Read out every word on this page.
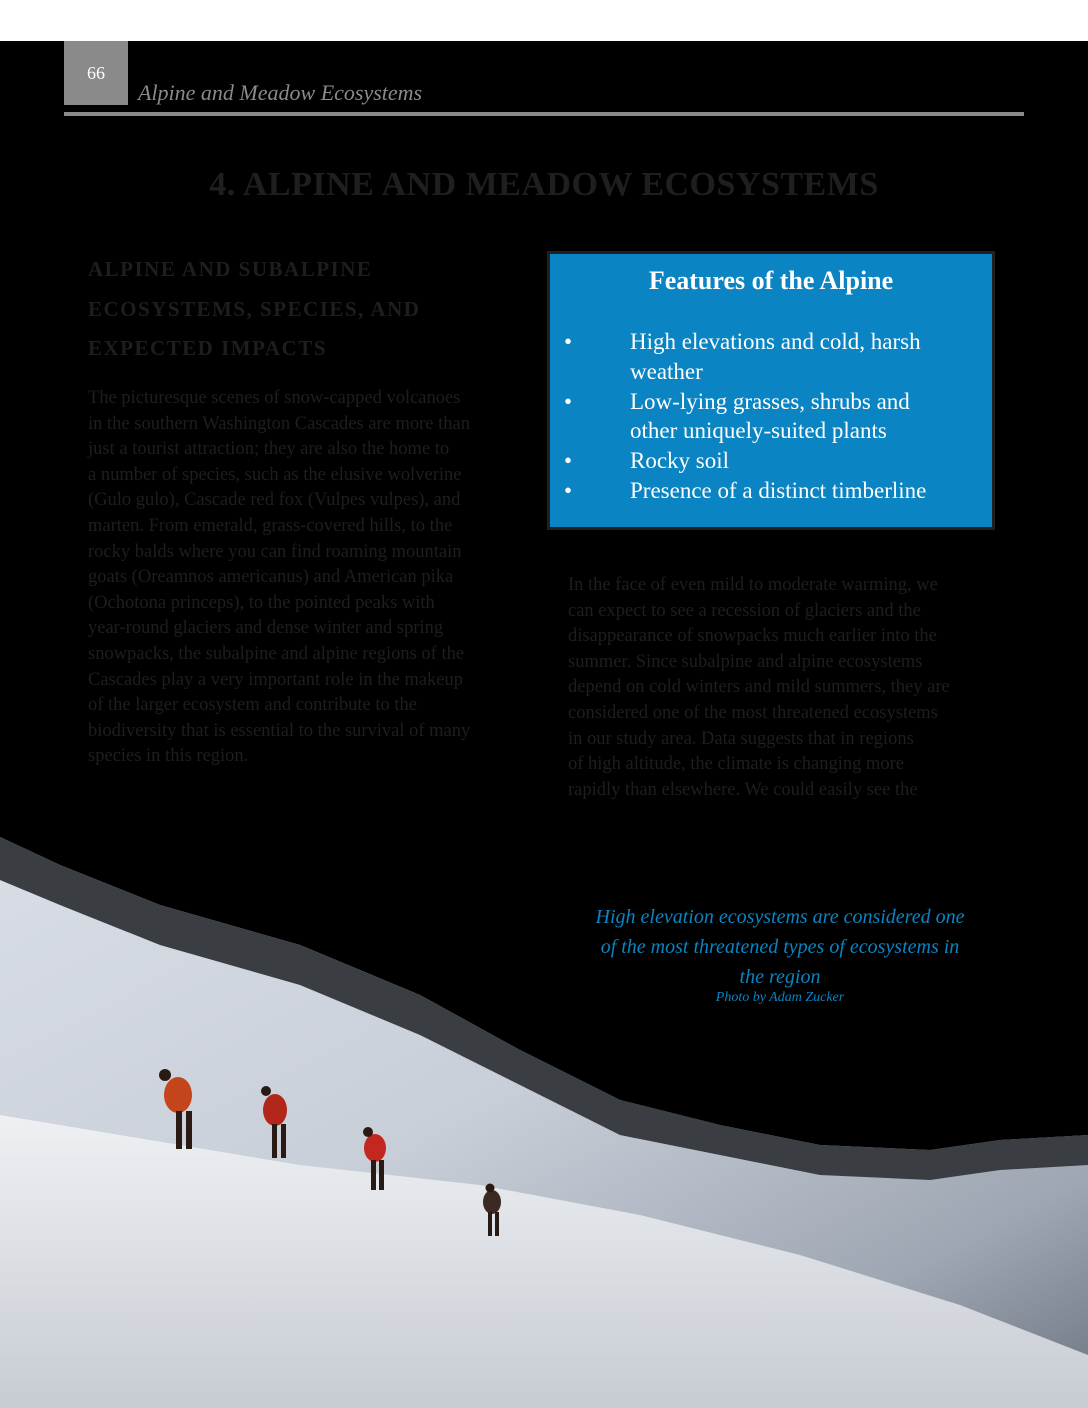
66
Alpine and Meadow Ecosystems
4. ALPINE AND MEADOW ECOSYSTEMS
ALPINE AND SUBALPINE
ECOSYSTEMS, SPECIES, AND
EXPECTED IMPACTS
The picturesque scenes of snow-capped volcanoes
in the southern Washington Cascades are more than
just a tourist attraction; they are also the home to
a number of species, such as the elusive wolverine
(Gulo gulo), Cascade red fox (Vulpes vulpes), and
marten. From emerald, grass-covered hills, to the
rocky balds where you can find roaming mountain
goats (Oreamnos americanus) and American pika
(Ochotona princeps), to the pointed peaks with
year-round glaciers and dense winter and spring
snowpacks, the subalpine and alpine regions of the
Cascades play a very important role in the makeup
of the larger ecosystem and contribute to the
biodiversity that is essential to the survival of many
species in this region.
Features of the Alpine
•	High elevations and cold, harsh weather
•	Low-lying grasses, shrubs and other uniquely-suited plants
•	Rocky soil
•	Presence of a distinct timberline
In the face of even mild to moderate warming, we
can expect to see a recession of glaciers and the
disappearance of snowpacks much earlier into the
summer. Since subalpine and alpine ecosystems
depend on cold winters and mild summers, they are
considered one of the most threatened ecosystems
in our study area. Data suggests that in regions
of high altitude, the climate is changing more
rapidly than elsewhere. We could easily see the
High elevation ecosystems are considered one
of the most threatened types of ecosystems in
the region
Photo by Adam Zucker
